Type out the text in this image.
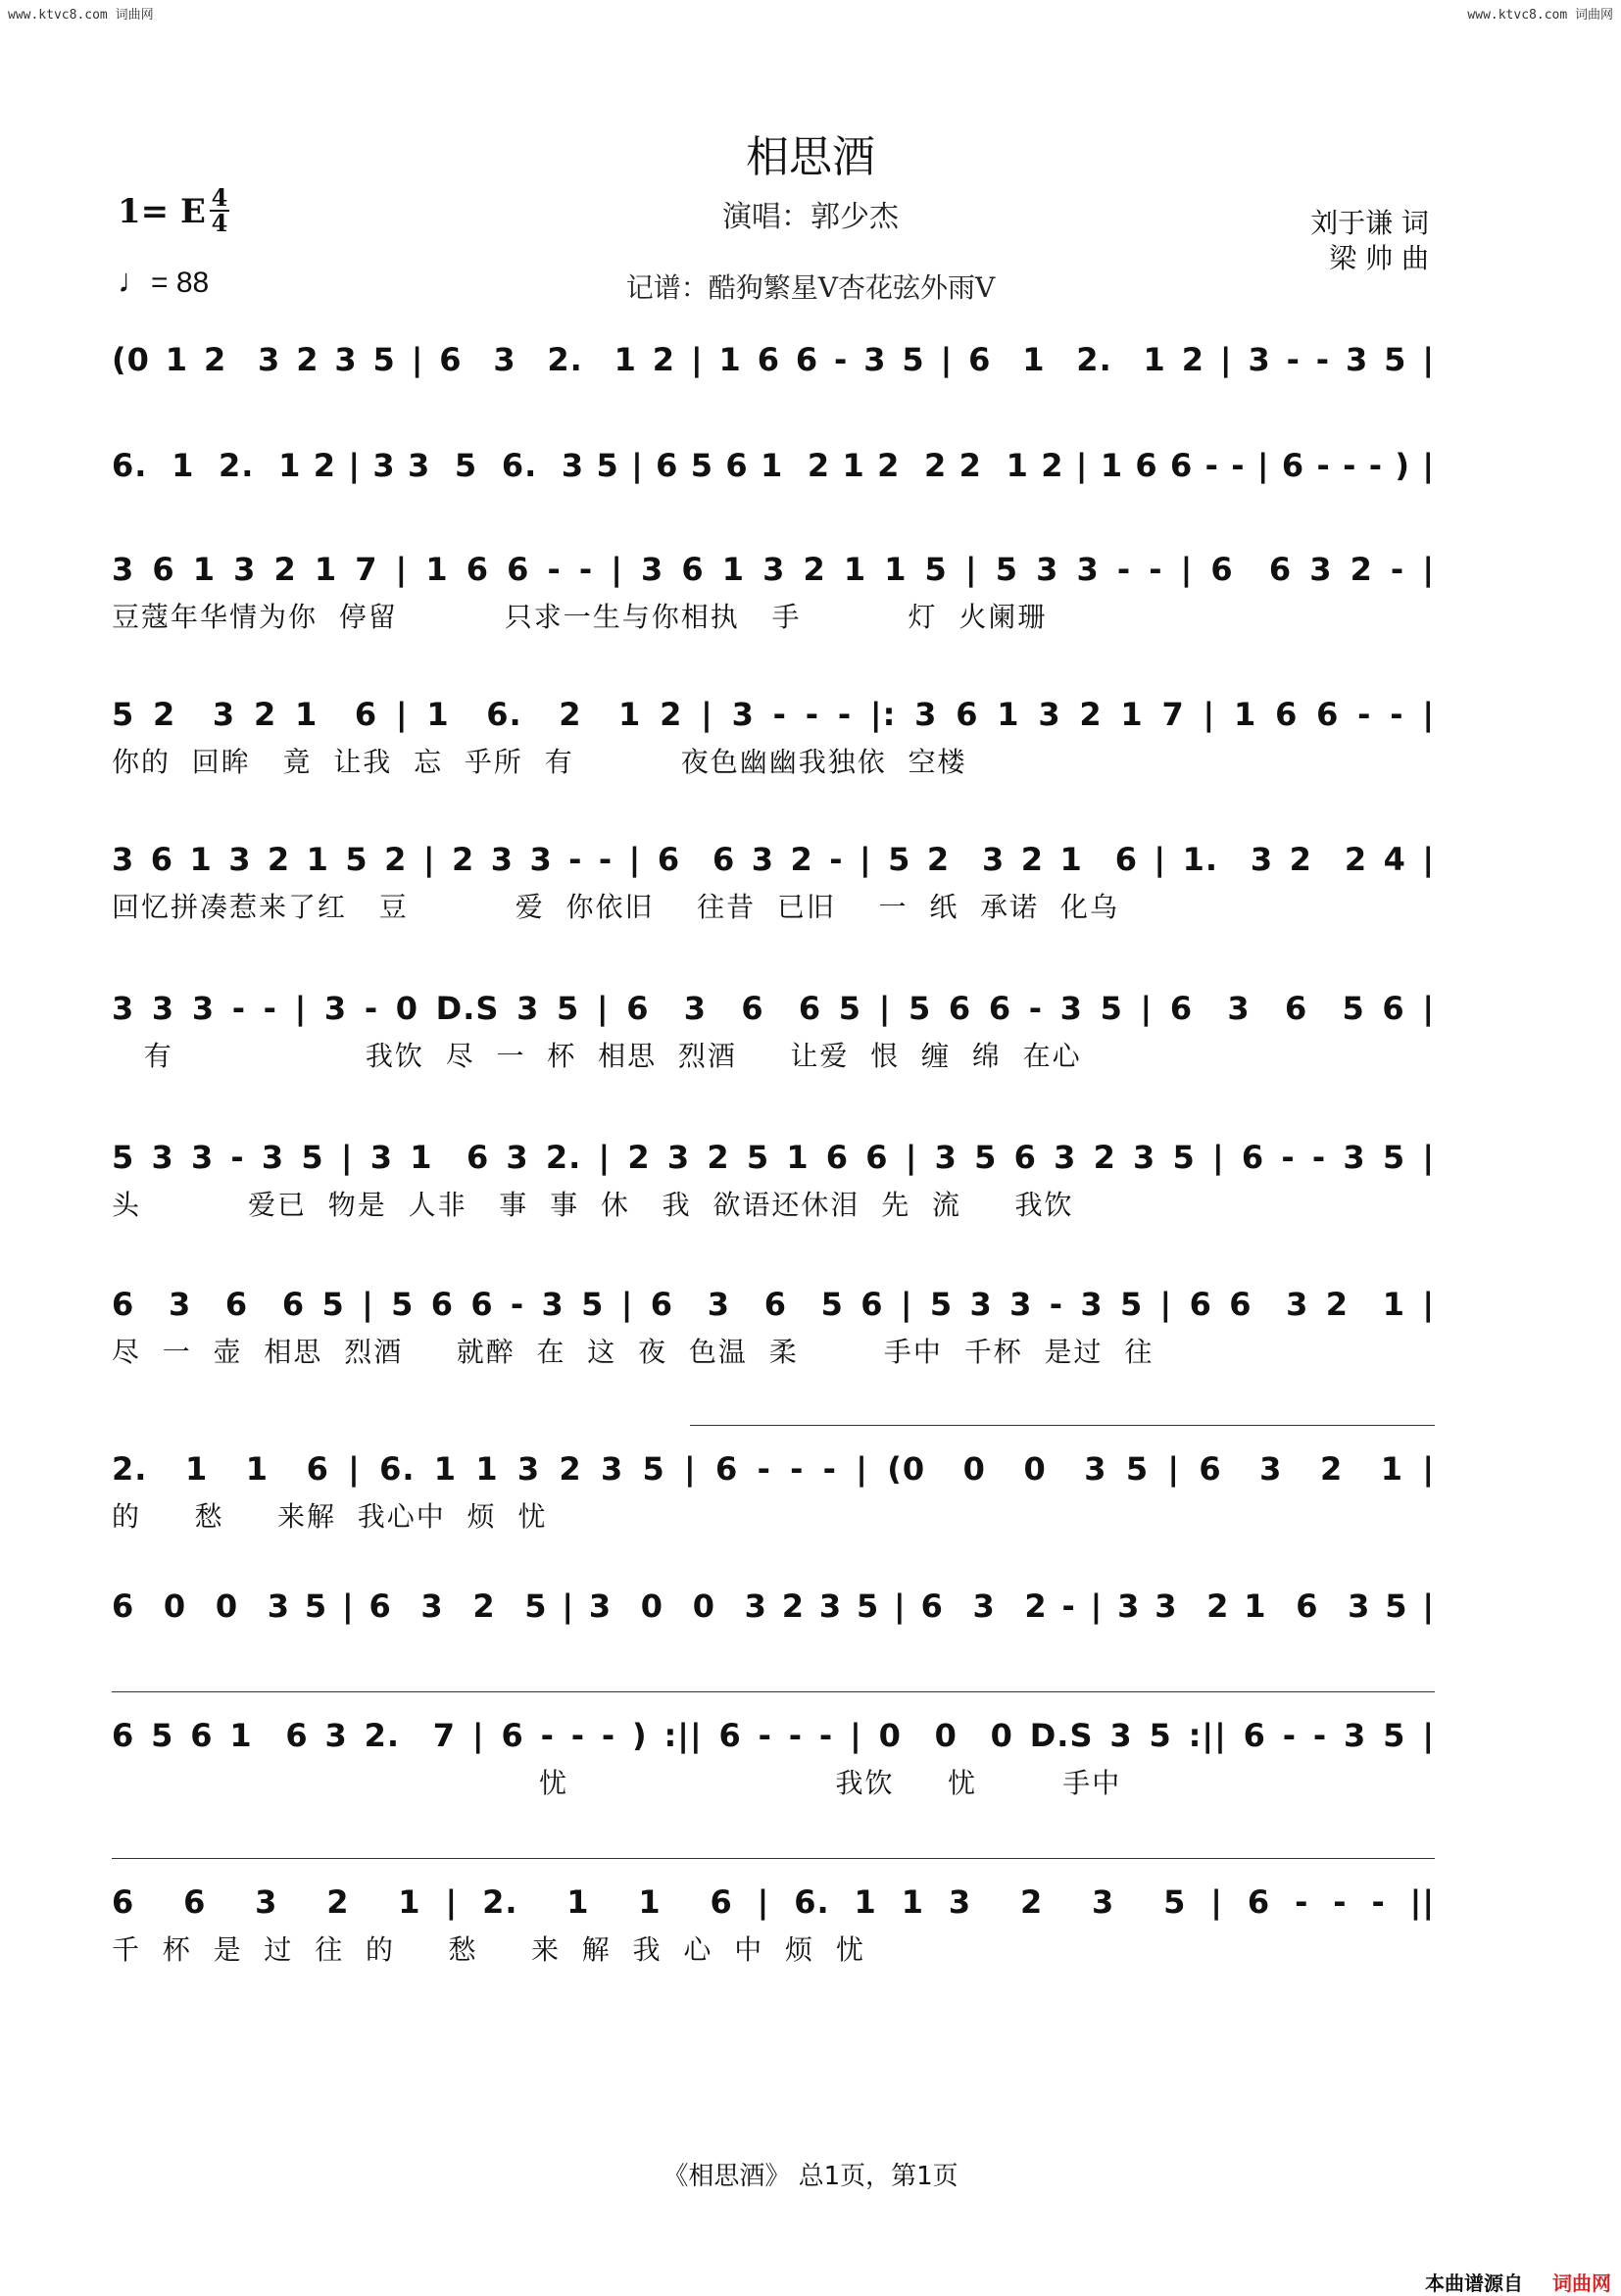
www.ktvc8.com 词曲网	www.ktvc8.com 词曲网
相思酒
1= E 4
4
♩= 88
演唱：郭少杰
记谱：酷狗繁星V杏花弦外雨V
刘于谦 词
梁 帅 曲
(0 1 2  3 2 3 5 | 6  3  2.  1 2 | 1 6 6 - 3 5 | 6  1  2.  1 2 | 3 - - 3 5 |
6.  1  2.  1 2 | 3 3  5  6.  3 5 | 6 5 6 1  2 1 2  2 2  1 2 | 1 6 6 - - | 6 - - - ) |
3 6 1 3 2 1 7 | 1 6 6 - - | 3 6 1 3 2 1 1 5 | 5 3 3 - - | 6  6 3 2 - |
豆蔻年华情为你  停留          只求一生与你相执   手          灯  火阑珊
5 2  3 2 1  6 | 1  6.  2  1 2 | 3 - - - |: 3 6 1 3 2 1 7 | 1 6 6 - - |
你的  回眸   竟  让我  忘  乎所  有          夜色幽幽我独依  空楼
3 6 1 3 2 1 5 2 | 2 3 3 - - | 6  6 3 2 - | 5 2  3 2 1  6 | 1.  3 2  2 4 |
回忆拼凑惹来了红   豆          爱  你依旧    往昔  已旧    一  纸  承诺  化乌
3 3 3 - - | 3 - 0 D.S 3 5 | 6  3  6  6 5 | 5 6 6 - 3 5 | 6  3  6  5 6 |
有                  我饮  尽  一  杯  相思  烈酒     让爱  恨  缠  绵  在心
5 3 3 - 3 5 | 3 1  6 3 2. | 2 3 2 5 1 6 6 | 3 5 6 3 2 3 5 | 6 - - 3 5 |
头          爱已  物是  人非   事  事  休   我  欲语还休泪  先  流     我饮
6  3  6  6 5 | 5 6 6 - 3 5 | 6  3  6  5 6 | 5 3 3 - 3 5 | 6 6  3 2  1 |
尽  一  壶  相思  烈酒     就醉  在  这  夜  色温  柔        手中  千杯  是过  往
2.  1  1  6 | 6. 1 1 3 2 3 5 | 6 - - - | (0  0  0  3 5 | 6  3  2  1 |
的     愁     来解  我心中  烦  忧
6  0  0  3 5 | 6  3  2  5 | 3  0  0  3 2 3 5 | 6  3  2 - | 3 3  2 1  6  3 5 |
6 5 6 1  6 3 2.  7 | 6 - - - ) :|| 6 - - - | 0  0  0 D.S 3 5 :|| 6 - - 3 5 |
忧                         我饮     忧        手中
6  6  3  2  1 | 2.  1  1  6 | 6. 1 1 3  2  3  5 | 6 - - - ||
千  杯  是  过  往  的     愁     来  解  我  心  中  烦  忧
《相思酒》 总1页，第1页
本曲谱源自 词曲网
